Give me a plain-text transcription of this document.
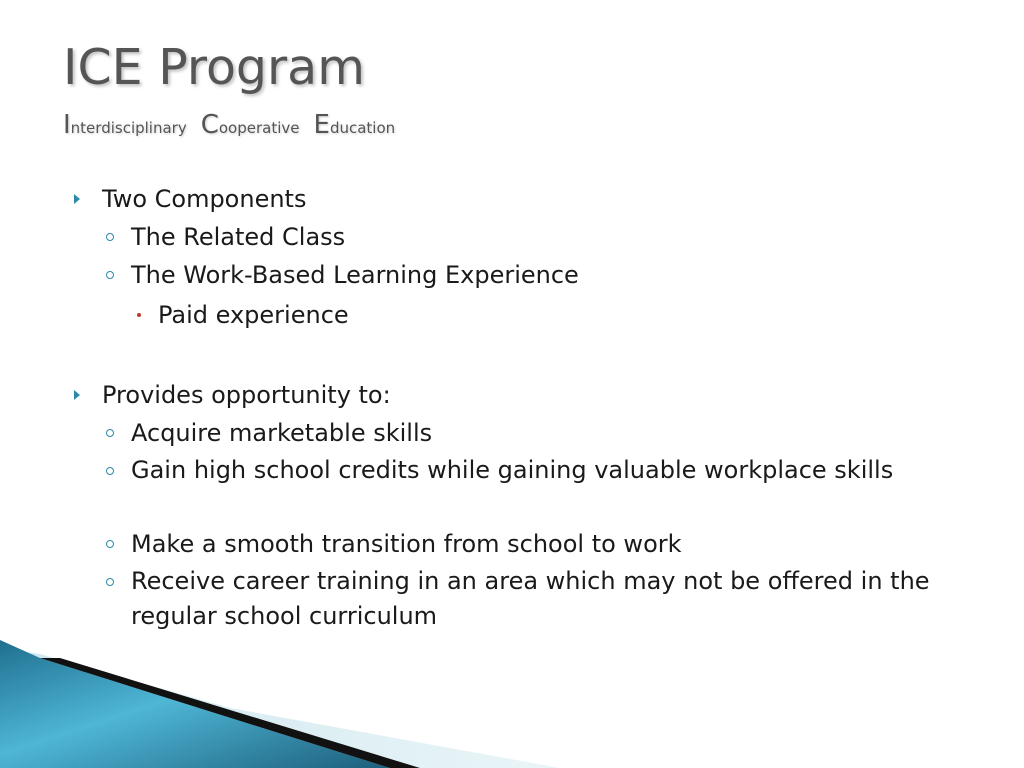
ICE Program
Interdisciplinary Cooperative Education
Two Components
The Related Class
The Work-Based Learning Experience
Paid experience
Provides opportunity to:
Acquire marketable skills
Gain high school credits while gaining valuable workplace skills
Make a smooth transition from school to work
Receive career training in an area which may not be offered in the regular school curriculum
